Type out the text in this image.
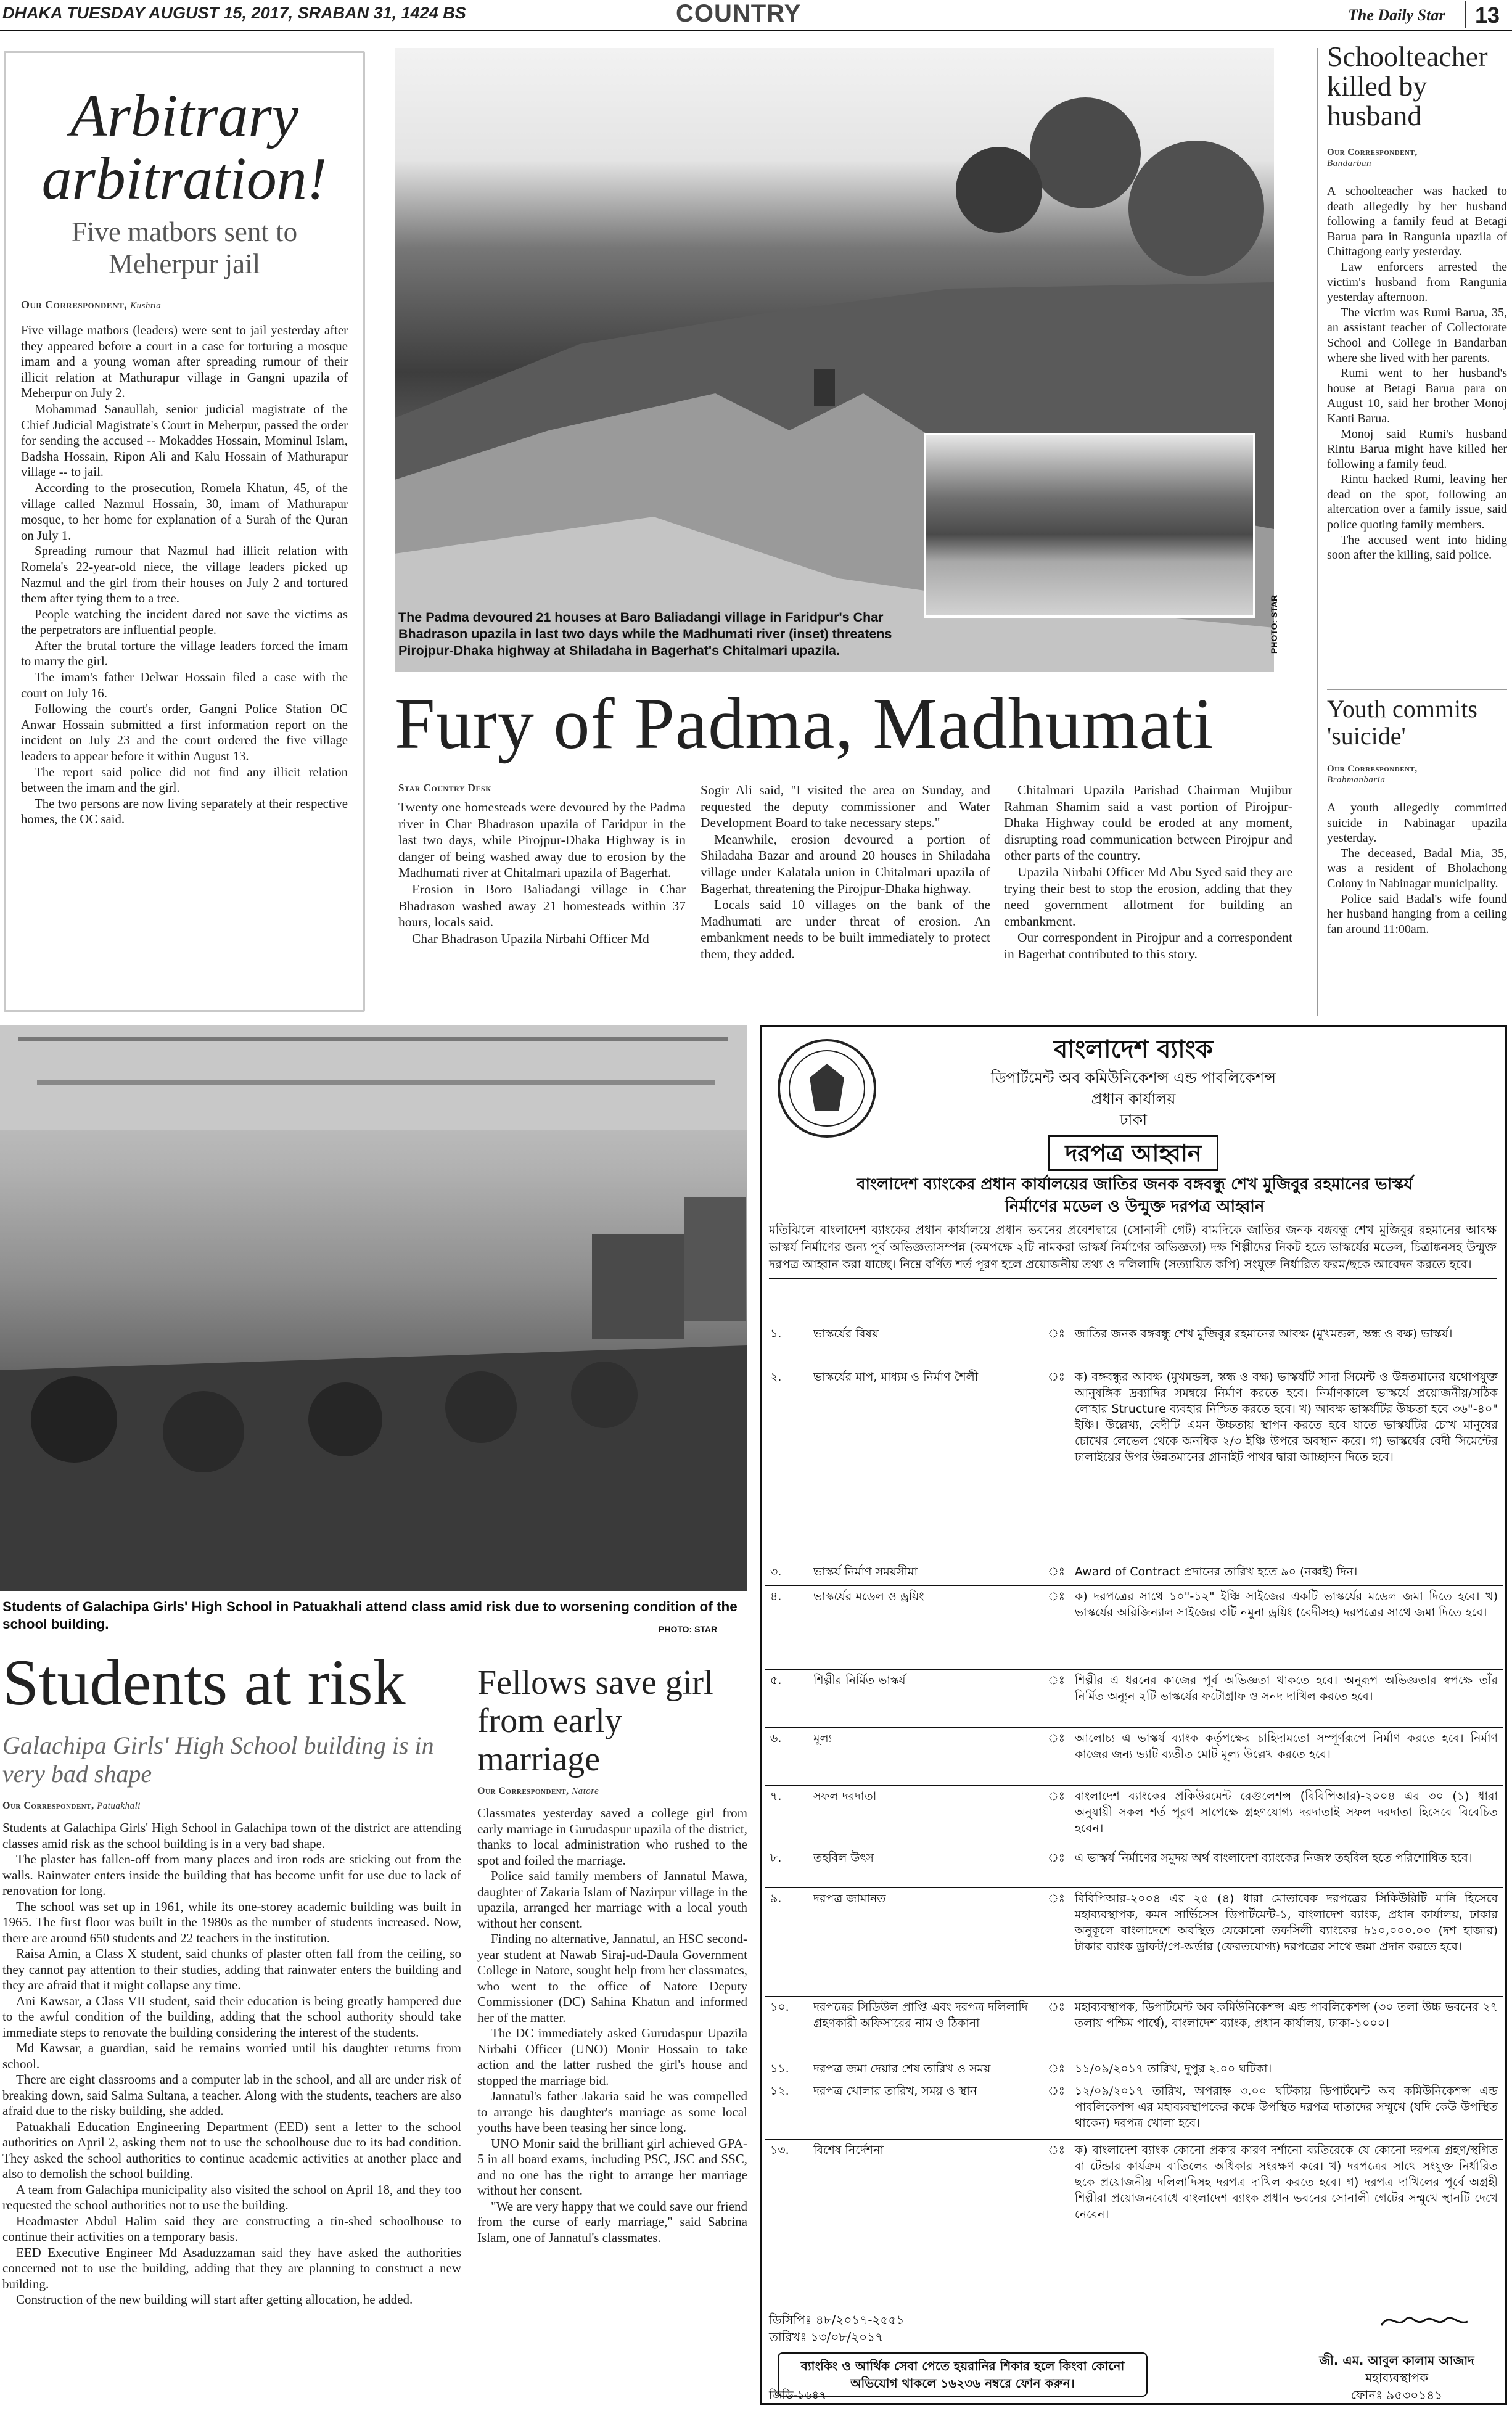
DHAKA TUESDAY AUGUST 15, 2017, SRABAN 31, 1424 BS	COUNTRY	The Daily Star 13
Arbitrary
arbitration!
Five matbors sent to Meherpur jail
Our Correspondent, Kushtia

Five village matbors (leaders) were sent to jail yesterday after they appeared before a court in a case for torturing a mosque imam and a young woman after spreading rumour of their illicit relation at Mathurapur village in Gangni upazila of Meherpur on July 2.

Mohammad Sanaullah, senior judicial magistrate of the Chief Judicial Magistrate's Court in Meherpur, passed the order for sending the accused -- Mokaddes Hossain, Mominul Islam, Badsha Hossain, Ripon Ali and Kalu Hossain of Mathurapur village -- to jail.

According to the prosecution, Romela Khatun, 45, of the village called Nazmul Hossain, 30, imam of Mathurapur mosque, to her home for explanation of a Surah of the Quran on July 1.

Spreading rumour that Nazmul had illicit relation with Romela's 22-year-old niece, the village leaders picked up Nazmul and the girl from their houses on July 2 and tortured them after tying them to a tree.

People watching the incident dared not save the victims as the perpetrators are influential people.

After the brutal torture the village leaders forced the imam to marry the girl.

The imam's father Delwar Hossain filed a case with the court on July 16.

Following the court's order, Gangni Police Station OC Anwar Hossain submitted a first information report on the incident on July 23 and the court ordered the five village leaders to appear before it within August 13.

The report said police did not find any illicit relation between the imam and the girl.

The two persons are now living separately at their respective homes, the OC said.

The Padma devoured 21 houses at Baro Baliadangi village in Faridpur's Char Bhadrason upazila in last two days while the Madhumati river (inset) threatens Pirojpur-Dhaka highway at Shiladaha in Bagerhat's Chitalmari upazila.	PHOTO: STAR
Fury of Padma, Madhumati
Star Country Desk

Twenty one homesteads were devoured by the Padma river in Char Bhadrason upazila of Faridpur in the last two days, while Pirojpur-Dhaka Highway is in danger of being washed away due to erosion by the Madhumati river at Chitalmari upazila of Bagerhat.

Erosion in Boro Baliadangi village in Char Bhadrason washed away 21 homesteads within 37 hours, locals said.

Char Bhadrason Upazila Nirbahi Officer Md

Sogir Ali said, "I visited the area on Sunday, and requested the deputy commissioner and Water Development Board to take necessary steps."

Meanwhile, erosion devoured a portion of Shiladaha Bazar and around 20 houses in Shiladaha village under Kalatala union in Chitalmari upazila of Bagerhat, threatening the Pirojpur-Dhaka highway.

Locals said 10 villages on the bank of the Madhumati are under threat of erosion. An embankment needs to be built immediately to protect them, they added.

Chitalmari Upazila Parishad Chairman Mujibur Rahman Shamim said a vast portion of Pirojpur-Dhaka Highway could be eroded at any moment, disrupting road communication between Pirojpur and other parts of the country.

Upazila Nirbahi Officer Md Abu Syed said they are trying their best to stop the erosion, adding that they need government allotment for building an embankment.

Our correspondent in Pirojpur and a correspondent in Bagerhat contributed to this story.

Schoolteacher killed by husband
Our Correspondent,
Bandarban

A schoolteacher was hacked to death allegedly by her husband following a family feud at Betagi Barua para in Rangunia upazila of Chittagong early yesterday.

Law enforcers arrested the victim's husband from Rangunia yesterday afternoon.

The victim was Rumi Barua, 35, an assistant teacher of Collectorate School and College in Bandarban where she lived with her parents.

Rumi went to her husband's house at Betagi Barua para on August 10, said her brother Monoj Kanti Barua.

Monoj said Rumi's husband Rintu Barua might have killed her following a family feud.

Rintu hacked Rumi, leaving her dead on the spot, following an altercation over a family issue, said police quoting family members.

The accused went into hiding soon after the killing, said police.

Youth commits 'suicide'
Our Correspondent,
Brahmanbaria

A youth allegedly committed suicide in Nabinagar upazila yesterday.

The deceased, Badal Mia, 35, was a resident of Bholachong Colony in Nabinagar municipality.

Police said Badal's wife found her husband hanging from a ceiling fan around 11:00am.

Students of Galachipa Girls' High School in Patuakhali attend class amid risk due to worsening condition of the school building.	PHOTO: STAR
Students at risk
Galachipa Girls' High School building is in very bad shape
Our Correspondent, Patuakhali

Students at Galachipa Girls' High School in Galachipa town of the district are attending classes amid risk as the school building is in a very bad shape.

The plaster has fallen-off from many places and iron rods are sticking out from the walls. Rainwater enters inside the building that has become unfit for use due to lack of renovation for long.

The school was set up in 1961, while its one-storey academic building was built in 1965. The first floor was built in the 1980s as the number of students increased. Now, there are around 650 students and 22 teachers in the institution.

Raisa Amin, a Class X student, said chunks of plaster often fall from the ceiling, so they cannot pay attention to their studies, adding that rainwater enters the building and they are afraid that it might collapse any time.

Ani Kawsar, a Class VII student, said their education is being greatly hampered due to the awful condition of the building, adding that the school authority should take immediate steps to renovate the building considering the interest of the students.

Md Kawsar, a guardian, said he remains worried until his daughter returns from school.

There are eight classrooms and a computer lab in the school, and all are under risk of breaking down, said Salma Sultana, a teacher. Along with the students, teachers are also afraid due to the risky building, she added.

Patuakhali Education Engineering Department (EED) sent a letter to the school authorities on April 2, asking them not to use the schoolhouse due to its bad condition. They asked the school authorities to continue academic activities at another place and also to demolish the school building.

A team from Galachipa municipality also visited the school on April 18, and they too requested the school authorities not to use the building.

Headmaster Abdul Halim said they are constructing a tin-shed schoolhouse to continue their activities on a temporary basis.

EED Executive Engineer Md Asaduzzaman said they have asked the authorities concerned not to use the building, adding that they are planning to construct a new building.

Construction of the new building will start after getting allocation, he added.

Fellows save girl from early marriage
Our Correspondent, Natore

Classmates yesterday saved a college girl from early marriage in Gurudaspur upazila of the district, thanks to local administration who rushed to the spot and foiled the marriage.

Police said family members of Jannatul Mawa, daughter of Zakaria Islam of Nazirpur village in the upazila, arranged her marriage with a local youth without her consent.

Finding no alternative, Jannatul, an HSC second-year student at Nawab Siraj-ud-Daula Government College in Natore, sought help from her classmates, who went to the office of Natore Deputy Commissioner (DC) Sahina Khatun and informed her of the matter.

The DC immediately asked Gurudaspur Upazila Nirbahi Officer (UNO) Monir Hossain to take action and the latter rushed the girl's house and stopped the marriage bid.

Jannatul's father Jakaria said he was compelled to arrange his daughter's marriage as some local youths have been teasing her since long.

UNO Monir said the brilliant girl achieved GPA-5 in all board exams, including PSC, JSC and SSC, and no one has the right to arrange her marriage without her consent.

"We are very happy that we could save our friend from the curse of early marriage," said Sabrina Islam, one of Jannatul's classmates.

বাংলাদেশ ব্যাংক
ডিপার্টমেন্ট অব কমিউনিকেশন্স এন্ড পাবলিকেশন্স
প্রধান কার্যালয়
ঢাকা
দরপত্র আহ্বান
বাংলাদেশ ব্যাংকের প্রধান কার্যালয়ের জাতির জনক বঙ্গবন্ধু শেখ মুজিবুর রহমানের ভাস্কর্য নির্মাণের মডেল ও উন্মুক্ত দরপত্র আহ্বান
মতিঝিলে বাংলাদেশ ব্যাংকের প্রধান কার্যালয়ে প্রধান ভবনের প্রবেশদ্বারে (সোনালী গেট) বামদিকে জাতির জনক বঙ্গবন্ধু শেখ মুজিবুর রহমানের আবক্ষ ভাস্কর্য নির্মাণের জন্য পূর্ব অভিজ্ঞতাসম্পন্ন (কমপক্ষে ২টি নামকরা ভাস্কর্য নির্মাণের অভিজ্ঞতা) দক্ষ শিল্পীদের নিকট হতে ভাস্কর্যের মডেল, চিত্রাঙ্কনসহ উন্মুক্ত দরপত্র আহ্বান করা যাচ্ছে। নিম্নে বর্ণিত শর্ত পূরণ হলে প্রয়োজনীয় তথ্য ও দলিলাদি (সত্যায়িত কপি) সংযুক্ত নির্ধারিত ফরম/ছকে আবেদন করতে হবে।
১.	ভাস্কর্যের বিষয়	ঃ	জাতির জনক বঙ্গবন্ধু শেখ মুজিবুর রহমানের আবক্ষ (মুখমন্ডল, স্কন্ধ ও বক্ষ) ভাস্কর্য।
২.	ভাস্কর্যের মাপ, মাধ্যম ও নির্মাণ শৈলী	ঃ	ক) বঙ্গবন্ধুর আবক্ষ (মুখমন্ডল, স্কন্ধ ও বক্ষ) ভাস্কর্যটি সাদা সিমেন্ট ও উন্নতমানের যথোপযুক্ত আনুষঙ্গিক দ্রব্যাদির সমন্বয়ে নির্মাণ করতে হবে। নির্মাণকালে ভাস্কর্যে প্রয়োজনীয়/সঠিক লোহার Structure ব্যবহার নিশ্চিত করতে হবে। খ) আবক্ষ ভাস্কর্যটির উচ্চতা হবে ৩৬"-৪০" ইঞ্চি। উল্লেখ্য, বেদীটি এমন উচ্চতায় স্থাপন করতে হবে যাতে ভাস্কর্যটির চোখ মানুষের চোখের লেভেল থেকে অনধিক ২/৩ ইঞ্চি উপরে অবস্থান করে। গ) ভাস্কর্যের বেদী সিমেন্টের ঢালাইয়ের উপর উন্নতমানের গ্রানাইট পাথর দ্বারা আচ্ছাদন দিতে হবে।
৩.	ভাস্কর্য নির্মাণ সময়সীমা	ঃ	Award of Contract প্রদানের তারিখ হতে ৯০ (নব্বই) দিন।
৪.	ভাস্কর্যের মডেল ও ড্রয়িং	ঃ	ক) দরপত্রের সাথে ১০"-১২" ইঞ্চি সাইজের একটি ভাস্কর্যের মডেল জমা দিতে হবে। খ) ভাস্কর্যের অরিজিন্যাল সাইজের ৩টি নমুনা ড্রয়িং (বেদীসহ) দরপত্রের সাথে জমা দিতে হবে।
৫.	শিল্পীর নির্মিত ভাস্কর্য	ঃ	শিল্পীর এ ধরনের কাজের পূর্ব অভিজ্ঞতা থাকতে হবে। অনুরূপ অভিজ্ঞতার স্বপক্ষে তাঁর নির্মিত অন্যূন ২টি ভাস্কর্যের ফটোগ্রাফ ও সনদ দাখিল করতে হবে।
৬.	মূল্য	ঃ	আলোচ্য এ ভাস্কর্য ব্যাংক কর্তৃপক্ষের চাহিদামতো সম্পূর্ণরূপে নির্মাণ করতে হবে। নির্মাণ কাজের জন্য ভ্যাট ব্যতীত মোট মূল্য উল্লেখ করতে হবে।
৭.	সফল দরদাতা	ঃ	বাংলাদেশ ব্যাংকের প্রকিউরমেন্ট রেগুলেশন্স (বিবিপিআর)-২০০৪ এর ৩০ (১) ধারা অনুযায়ী সকল শর্ত পূরণ সাপেক্ষে গ্রহণযোগ্য দরদাতাই সফল দরদাতা হিসেবে বিবেচিত হবেন।
৮.	তহবিল উৎস	ঃ	এ ভাস্কর্য নির্মাণের সমুদয় অর্থ বাংলাদেশ ব্যাংকের নিজস্ব তহবিল হতে পরিশোধিত হবে।
৯.	দরপত্র জামানত	ঃ	বিবিপিআর-২০০৪ এর ২৫ (৪) ধারা মোতাবেক দরপত্রের সিকিউরিটি মানি হিসেবে মহাব্যবস্থাপক, কমন সার্ভিসেস ডিপার্টমেন্ট-১, বাংলাদেশ ব্যাংক, প্রধান কার্যালয়, ঢাকার অনুকূলে বাংলাদেশে অবস্থিত যেকোনো তফসিলী ব্যাংকের ৳১০,০০০.০০ (দশ হাজার) টাকার ব্যাংক ড্রাফট/পে-অর্ডার (ফেরতযোগ্য) দরপত্রের সাথে জমা প্রদান করতে হবে।
১০.	দরপত্রের সিডিউল প্রাপ্তি এবং দরপত্র দলিলাদি গ্রহণকারী অফিসারের নাম ও ঠিকানা	ঃ	মহাব্যবস্থাপক, ডিপার্টমেন্ট অব কমিউনিকেশন্স এন্ড পাবলিকেশন্স (৩০ তলা উচ্চ ভবনের ২৭ তলায় পশ্চিম পার্শ্বে), বাংলাদেশ ব্যাংক, প্রধান কার্যালয়, ঢাকা-১০০০।
১১.	দরপত্র জমা দেয়ার শেষ তারিখ ও সময়	ঃ	১১/০৯/২০১৭ তারিখ, দুপুর ২.০০ ঘটিকা।
১২.	দরপত্র খোলার তারিখ, সময় ও স্থান	ঃ	১২/০৯/২০১৭ তারিখ, অপরাহ্ন ৩.০০ ঘটিকায় ডিপার্টমেন্ট অব কমিউনিকেশন্স এন্ড পাবলিকেশন্স এর মহাব্যবস্থাপকের কক্ষে উপস্থিত দরপত্র দাতাদের সম্মুখে (যদি কেউ উপস্থিত থাকেন) দরপত্র খোলা হবে।
১৩.	বিশেষ নির্দেশনা	ঃ	ক) বাংলাদেশ ব্যাংক কোনো প্রকার কারণ দর্শানো ব্যতিরেকে যে কোনো দরপত্র গ্রহণ/স্থগিত বা টেন্ডার কার্যক্রম বাতিলের অধিকার সংরক্ষণ করে। খ) দরপত্রের সাথে সংযুক্ত নির্ধারিত ছকে প্রয়োজনীয় দলিলাদিসহ দরপত্র দাখিল করতে হবে। গ) দরপত্র দাখিলের পূর্বে অগ্রহী শিল্পীরা প্রয়োজনবোধে বাংলাদেশ ব্যাংক প্রধান ভবনের সোনালী গেটের সম্মুখে স্থানটি দেখে নেবেন।
ডিসিপিঃ ৪৮/২০১৭-২৫৫১
তারিখঃ ১৩/০৮/২০১৭
ব্যাংকিং ও আর্থিক সেবা পেতে হয়রানির শিকার হলে কিংবা কোনো অভিযোগ থাকলে ১৬২৩৬ নম্বরে ফোন করুন।
জী. এম. আবুল কালাম আজাদ
মহাব্যবস্থাপক
ফোনঃ ৯৫৩০১৪১
জিডি-১৬৪৭
